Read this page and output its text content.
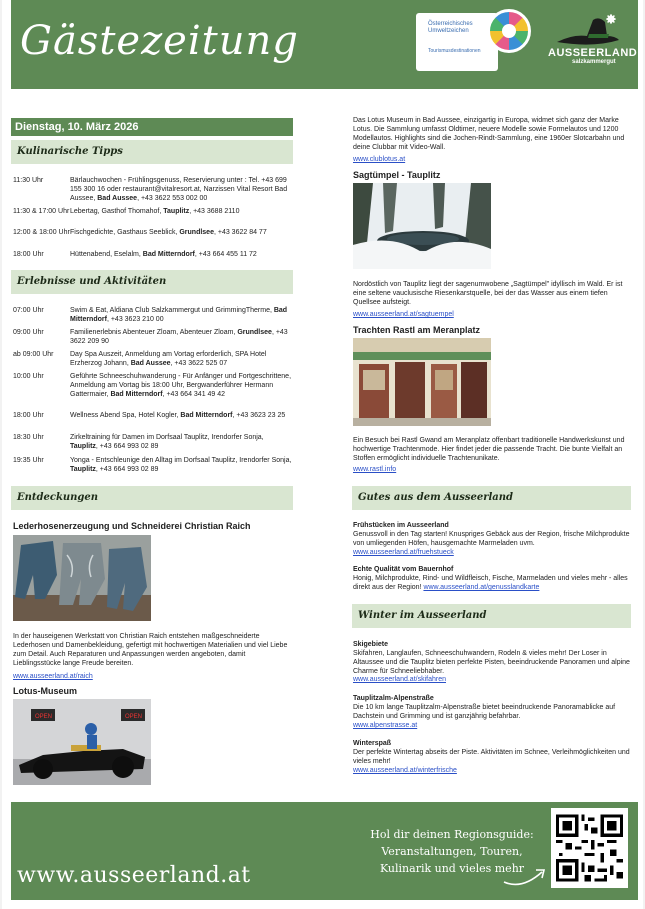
Gästezeitung	Österreichisches Umweltzeichen
Tourismusdestinationen	AUSSEERLAND
salzkammergut
Dienstag, 10. März 2026
Kulinarische Tipps
11:30 Uhr	Bärlauchwochen - Frühlingsgenuss, Reservierung unter : Tel. +43 699 155 300 16 oder restaurant@vitalresort.at, Narzissen Vital Resort Bad Aussee, Bad Aussee, +43 3622 553 002 00
11:30 & 17:00 Uhr Lebertag, Gasthof Thomahof, Tauplitz, +43 3688 2110
12:00 & 18:00 Uhr Fischgedichte, Gasthaus Seeblick, Grundlsee, +43 3622 84 77
18:00 Uhr	Hüttenabend, Eselalm, Bad Mitterndorf, +43 664 455 11 72
Erlebnisse und Aktivitäten
07:00 Uhr	Swim & Eat, Aldiana Club Salzkammergut und GrimmingTherme, Bad Mitterndorf, +43 3623 210 00
09:00 Uhr	Familienerlebnis Abenteuer Zloam, Abenteuer Zloam, Grundlsee, +43 3622 209 90
ab 09:00 Uhr	Day Spa Auszeit, Anmeldung am Vortag erforderlich, SPA Hotel Erzherzog Johann, Bad Aussee, +43 3622 525 07
10:00 Uhr	Geführte Schneeschuhwanderung - Für Anfänger und Fortgeschrittene, Anmeldung am Vortag bis 18:00 Uhr, Bergwanderführer Hermann Gattermaier, Bad Mitterndorf, +43 664 341 49 42
18:00 Uhr	Wellness Abend Spa, Hotel Kogler, Bad Mitterndorf, +43 3623 23 25
18:30 Uhr	Zirkeltraining für Damen im Dorfsaal Tauplitz, Irendorfer Sonja, Tauplitz, +43 664 993 02 89
19:35 Uhr	Yonga - Entschleunige den Alltag im Dorfsaal Tauplitz, Irendorfer Sonja, Tauplitz, +43 664 993 02 89
Entdeckungen
Lederhosenerzeugung und Schneiderei Christian Raich
In der hauseigenen Werkstatt von Christian Raich entstehen maßgeschneiderte Lederhosen und Damenbekleidung, gefertigt mit hochwertigen Materialien und viel Liebe zum Detail. Auch Reparaturen und Anpassungen werden angeboten, damit Lieblingsstücke lange Freude bereiten.
www.ausseerland.at/raich
Lotus-Museum
OPEN	OPEN
Das Lotus Museum in Bad Aussee, einzigartig in Europa, widmet sich ganz der Marke Lotus. Die Sammlung umfasst Oldtimer, neuere Modelle sowie Formelautos und 1200 Modellautos. Highlights sind die Jochen-Rindt-Sammlung, eine 1960er Slotcarbahn und deine Clubbar mit Video-Wall.
www.clublotus.at
Sagtümpel - Tauplitz
Nordöstlich von Tauplitz liegt der sagenumwobene „Sagtümpel" idyllisch im Wald. Er ist eine seltene vauclusische Riesenkarstquelle, bei der das Wasser aus einem tiefen Quellsee aufsteigt.
www.ausseerland.at/sagtuempel
Trachten Rastl am Meranplatz
Ein Besuch bei Rastl Gwand am Meranplatz offenbart traditionelle Handwerkskunst und hochwertige Trachtenmode. Hier findet jeder die passende Tracht. Die bunte Vielfalt an Stoffen ermöglicht individuelle Trachtenunikate.
www.rastl.info
Gutes aus dem Ausseerland
Frühstücken im Ausseerland
Genussvoll in den Tag starten! Knuspriges Gebäck aus der Region, frische Milchprodukte von umliegenden Höfen, hausgemachte Marmeladen uvm.
www.ausseerland.at/fruehstueck
Echte Qualität vom Bauernhof
Honig, Milchprodukte, Rind- und Wildfleisch, Fische, Marmeladen und vieles mehr - alles direkt aus der Region! www.ausseerland.at/genusslandkarte
Winter im Ausseerland
Skigebiete
Skifahren, Langlaufen, Schneeschuhwandern, Rodeln & vieles mehr! Der Loser in Altaussee und die Tauplitz bieten perfekte Pisten, beeindruckende Panoramen und alpine Charme für Schneeliebhaber.
www.ausseerland.at/skifahren
Tauplitzalm-Alpenstraße
Die 10 km lange Tauplitzalm-Alpenstraße bietet beeindruckende Panoramablicke auf Dachstein und Grimming und ist ganzjährig befahrbar.
www.alpenstrasse.at
Winterspaß
Der perfekte Wintertag abseits der Piste. Aktivitäten im Schnee, Verleihmöglichkeiten und vieles mehr!
www.ausseerland.at/winterfrische
www.ausseerland.at
Hol dir deinen Regionsguide: Veranstaltungen, Touren, Kulinarik und vieles mehr
